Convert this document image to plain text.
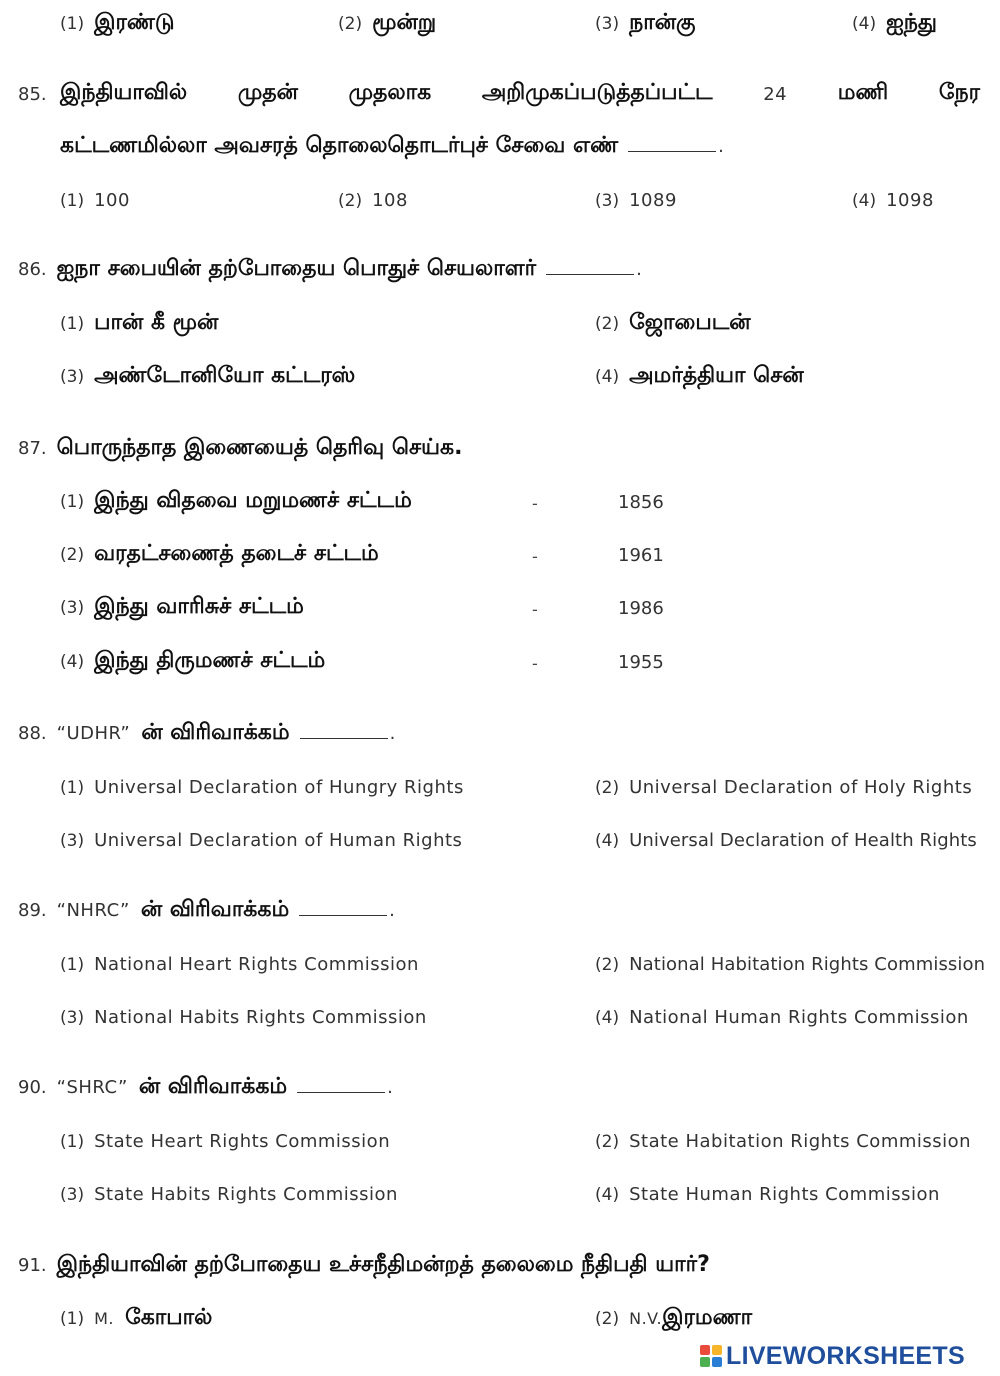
(1) இரண்டு	(2) மூன்று	(3) நான்கு	(4) ஐந்து
85. இந்தியாவில் முதன் முதலாக அறிமுகப்படுத்தப்பட்ட	24 மணி நேர
கட்டணமில்லா அவசரத் தொலைதொடர்புச் சேவை எண்	.
(1) 100	(2) 108	(3) 1089	(4) 1098
86. ஐநா சபையின் தற்போதைய பொதுச் செயலாளர்	.
(1) பான் கீ மூன்	(2) ஜோபைடன்
(3) அண்டோனியோ கட்டரஸ்	(4) அமர்த்தியா சென்
87. பொருந்தாத இணையைத் தெரிவு செய்க.
(1) இந்து விதவை மறுமணச் சட்டம்	-	1856
(2) வரதட்சணைத் தடைச் சட்டம்	-	1961
(3) இந்து வாரிசுச் சட்டம்	-	1986
(4) இந்து திருமணச் சட்டம்	-	1955
88. “UDHR” ன் விரிவாக்கம்	.
(1) Universal Declaration of Hungry Rights	(2) Universal Declaration of Holy Rights
(3) Universal Declaration of Human Rights	(4) Universal Declaration of Health Rights
89. “NHRC” ன் விரிவாக்கம்	.
(1) National Heart Rights Commission	(2) National Habitation Rights Commission
(3) National Habits Rights Commission	(4) National Human Rights Commission
90. “SHRC” ன் விரிவாக்கம்	.
(1) State Heart Rights Commission	(2) State Habitation Rights Commission
(3) State Habits Rights Commission	(4) State Human Rights Commission
91. இந்தியாவின் தற்போதைய உச்சநீதிமன்றத் தலைமை நீதிபதி யார்?
(1) M. கோபால்	(2) N.V.இரமணா
LIVEWORKSHEETS
